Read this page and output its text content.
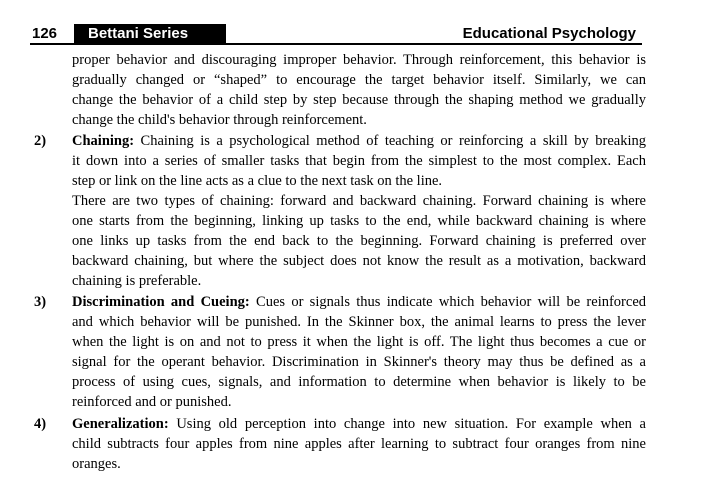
126	Bettani Series	Educational Psychology
proper behavior and discouraging improper behavior. Through reinforcement, this behavior is
gradually changed or “shaped” to encourage the target behavior itself. Similarly, we can
change the behavior of a child step by step because through the shaping method we gradually
change the child's behavior through reinforcement.
2)	Chaining: Chaining is a psychological method of teaching or reinforcing a skill by breaking
it down into a series of smaller tasks that begin from the simplest to the most complex. Each
step or link on the line acts as a clue to the next task on the line.
There are two types of chaining: forward and backward chaining. Forward chaining is where
one starts from the beginning, linking up tasks to the end, while backward chaining is where
one links up tasks from the end back to the beginning. Forward chaining is preferred over
backward chaining, but where the subject does not know the result as a motivation, backward
chaining is preferable.
3)	Discrimination and Cueing: Cues or signals thus indicate which behavior will be reinforced
and which behavior will be punished. In the Skinner box, the animal learns to press the lever
when the light is on and not to press it when the light is off. The light thus becomes a cue or
signal for the operant behavior. Discrimination in Skinner's theory may thus be defined as a
process of using cues, signals, and information to determine when behavior is likely to be
reinforced and or punished.
4)	Generalization: Using old perception into change into new situation. For example when a
child subtracts four apples from nine apples after learning to subtract four oranges from nine
oranges.
